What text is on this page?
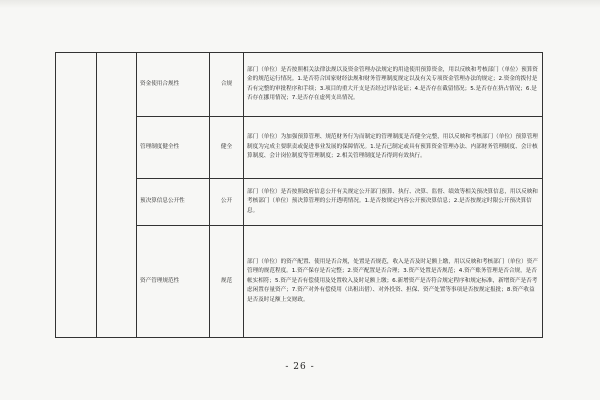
		资金使用合规性	合规	部门（单位）是否按照相关法律法规以及资金管理办法规定的用途使用预算资金，用以反映和考核部门（单位）预算资金的规范运行情况。1.是否符合国家财经法规和财务管理制度规定以及有关专项资金管理办法的规定；2.资金的拨付是否有完整的审批程序和手续；3.项目的重大开支是否经过评估论证；4.是否存在截留情况；5.是否存在挤占情况；6.是否存在挪用情况；7.是否存在虚列支出情况。

		管理制度健全性	健全	部门（单位）为加强预算管理、规范财务行为而制定的管理制度是否健全完整，用以反映和考核部门（单位）预算管理制度为完成主要职责或促进事业发展的保障情况。1.是否已制定或具有预算资金管理办法、内部财务管理制度、会计核算制度、会计岗位制度等管理制度；2.相关管理制度是否得到有效执行。

		预决算信息公开性	公开	部门（单位）是否按照政府信息公开有关规定公开部门预算、执行、决算、监督、绩效等相关预决算信息，用以反映和考核部门（单位）预决算管理的公开透明情况。1.是否按规定内容公开预决算信息；2.是否按规定时限公开预决算信息。

		资产管理规范性	规范	部门（单位）的资产配置、使用是否合规，处置是否规范，收入是否及时足额上缴，用以反映和考核部门（单位）资产管理的规范程度。1.资产保存是否完整；2.资产配置是否合理；3.资产处置是否规范；4.资产账务管理是否合规，是否帐实相符；5.资产是否有偿使用及处置收入及时足额上缴；6.新增资产是否符合规定程序和规定标准，新增资产是否考虑闲置存量资产；7.资产对外有偿使用（出租出借）、对外投资、担保、资产处置等事项是否按规定报批；8.资产收益是否及时足额上交财政。
- 26 -
